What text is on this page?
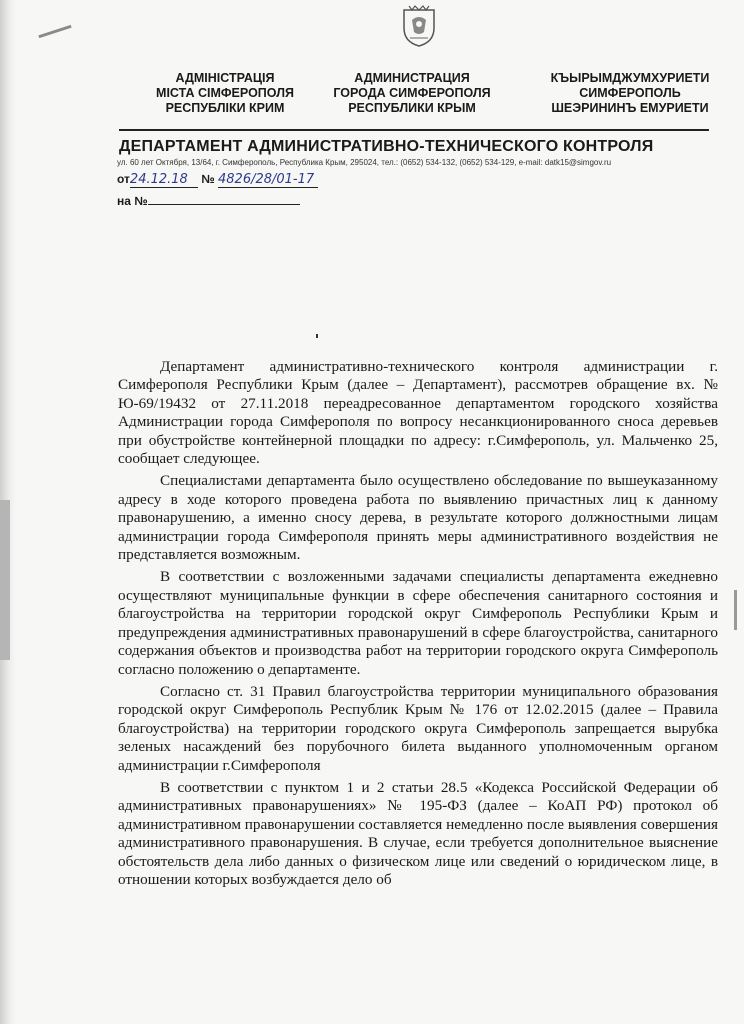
АДМІНІСТРАЦІЯ
МІСТА СІМФЕРОПОЛЯ
РЕСПУБЛІКИ КРИМ
АДМИНИСТРАЦИЯ
ГОРОДА СИМФЕРОПОЛЯ
РЕСПУБЛИКИ КРЫМ
КЪЫРЫМДЖУМХУРИЕТИ
СИМФЕРОПОЛЬ
ШЕЭРИНИНЪ ЕМУРИЕТИ
ДЕПАРТАМЕНТ АДМИНИСТРАТИВНО-ТЕХНИЧЕСКОГО КОНТРОЛЯ
ул. 60 лет Октября, 13/64, г. Симферополь, Республика Крым, 295024, тел.: (0652) 534-132, (0652) 534-129, e-mail: datk15@simgov.ru
от24.12.18 № 4826/28/01-17
на №

Департамент административно-технического контроля администрации г. Симферополя Республики Крым (далее – Департамент), рассмотрев обращение вх. № Ю-69/19432 от 27.11.2018 переадресованное департаментом городского хозяйства Администрации города Симферополя по вопросу несанкционированного сноса деревьев при обустройстве контейнерной площадки по адресу: г.Симферополь, ул. Мальченко 25, сообщает следующее.

Специалистами департамента было осуществлено обследование по вышеуказанному адресу в ходе которого проведена работа по выявлению причастных лиц к данному правонарушению, а именно сносу дерева, в результате которого должностными лицам администрации города Симферополя принять меры административного воздействия не представляется возможным.

В соответствии с возложенными задачами специалисты департамента ежедневно осуществляют муниципальные функции в сфере обеспечения санитарного состояния и благоустройства на территории городской округ Симферополь Республики Крым и предупреждения административных правонарушений в сфере благоустройства, санитарного содержания объектов и производства работ на территории городского округа Симферополь согласно положению о департаменте.

Согласно ст. 31 Правил благоустройства территории муниципального образования городской округ Симферополь Республик Крым № 176 от 12.02.2015 (далее – Правила благоустройства) на территории городского округа Симферополь запрещается вырубка зеленых насаждений без порубочного билета выданного уполномоченным органом администрации г.Симферополя

В соответствии с пунктом 1 и 2 статьи 28.5 «Кодекса Российской Федерации об административных правонарушениях» № 195-ФЗ (далее – КоАП РФ) протокол об административном правонарушении составляется немедленно после выявления совершения административного правонарушения. В случае, если требуется дополнительное выяснение обстоятельств дела либо данных о физическом лице или сведений о юридическом лице, в отношении которых возбуждается дело об
